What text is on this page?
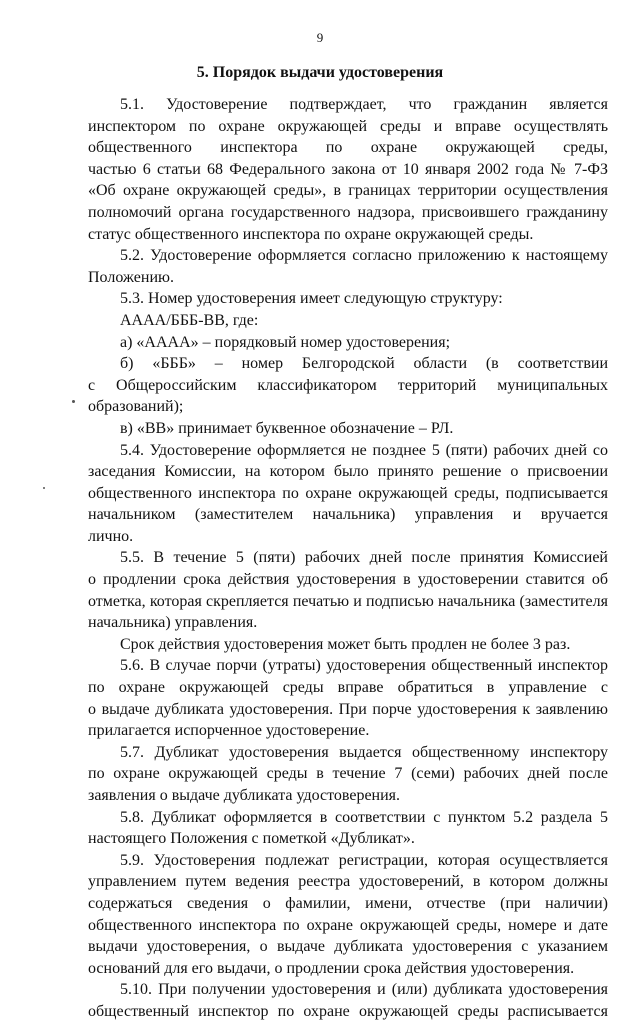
9
5. Порядок выдачи удостоверения
5.1. Удостоверение подтверждает, что гражданин является
инспектором по охране окружающей среды и вправе осуществлять
общественного инспектора по охране окружающей среды,
частью 6 статьи 68 Федерального закона от 10 января 2002 года № 7-ФЗ
«Об охране окружающей среды», в границах территории осуществления
полномочий органа государственного надзора, присвоившего гражданину
статус общественного инспектора по охране окружающей среды.
5.2. Удостоверение оформляется согласно приложению к настоящему
Положению.
5.3. Номер удостоверения имеет следующую структуру:
АААА/БББ-ВВ, где:
а) «АААА» – порядковый номер удостоверения;
б) «БББ» – номер Белгородской области (в соответствии
с Общероссийским классификатором территорий муниципальных
образований);
в) «ВВ» принимает буквенное обозначение – РЛ.
5.4. Удостоверение оформляется не позднее 5 (пяти) рабочих дней со
заседания Комиссии, на котором было принято решение о присвоении
общественного инспектора по охране окружающей среды, подписывается
начальником (заместителем начальника) управления и вручается
лично.
5.5. В течение 5 (пяти) рабочих дней после принятия Комиссией
о продлении срока действия удостоверения в удостоверении ставится об
отметка, которая скрепляется печатью и подписью начальника (заместителя
начальника) управления.
Срок действия удостоверения может быть продлен не более 3 раз.
5.6. В случае порчи (утраты) удостоверения общественный инспектор
по охране окружающей среды вправе обратиться в управление с
о выдаче дубликата удостоверения. При порче удостоверения к заявлению
прилагается испорченное удостоверение.
5.7. Дубликат удостоверения выдается общественному инспектору
по охране окружающей среды в течение 7 (семи) рабочих дней после
заявления о выдаче дубликата удостоверения.
5.8. Дубликат оформляется в соответствии с пунктом 5.2 раздела 5
настоящего Положения с пометкой «Дубликат».
5.9. Удостоверения подлежат регистрации, которая осуществляется
управлением путем ведения реестра удостоверений, в котором должны
содержаться сведения о фамилии, имени, отчестве (при наличии)
общественного инспектора по охране окружающей среды, номере и дате
выдачи удостоверения, о выдаче дубликата удостоверения с указанием
оснований для его выдачи, о продлении срока действия удостоверения.
5.10. При получении удостоверения и (или) дубликата удостоверения
общественный инспектор по охране окружающей среды расписывается
